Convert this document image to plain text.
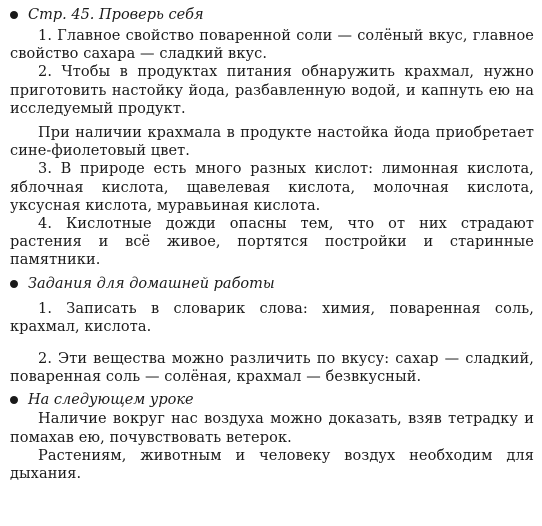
Стр. 45. Проверь себя

1. Главное свойство поваренной соли — солёный вкус, главное свойство сахара — сладкий вкус.

2. Чтобы в продуктах питания обнаружить крахмал, нужно приготовить настойку йода, разбавленную водой, и капнуть ею на исследуемый продукт.

При наличии крахмала в продукте настойка йода приобретает сине-фиолетовый цвет.

3. В природе есть много разных кислот: лимонная кислота, яблочная кислота, щавелевая кислота, молочная кислота, уксусная кислота, муравьиная кислота.

4. Кислотные дожди опасны тем, что от них страдают растения и всё живое, портятся постройки и старинные памятники.

Задания для домашней работы

1. Записать в словарик слова: химия, поваренная соль, крахмал, кислота.

2. Эти вещества можно различить по вкусу: сахар — сладкий, поваренная соль — солёная, крахмал — безвкусный.

На следующем уроке

Наличие вокруг нас воздуха можно доказать, взяв тетрадку и помахав ею, почувствовать ветерок.

Растениям, животным и человеку воздух необходим для дыхания.
